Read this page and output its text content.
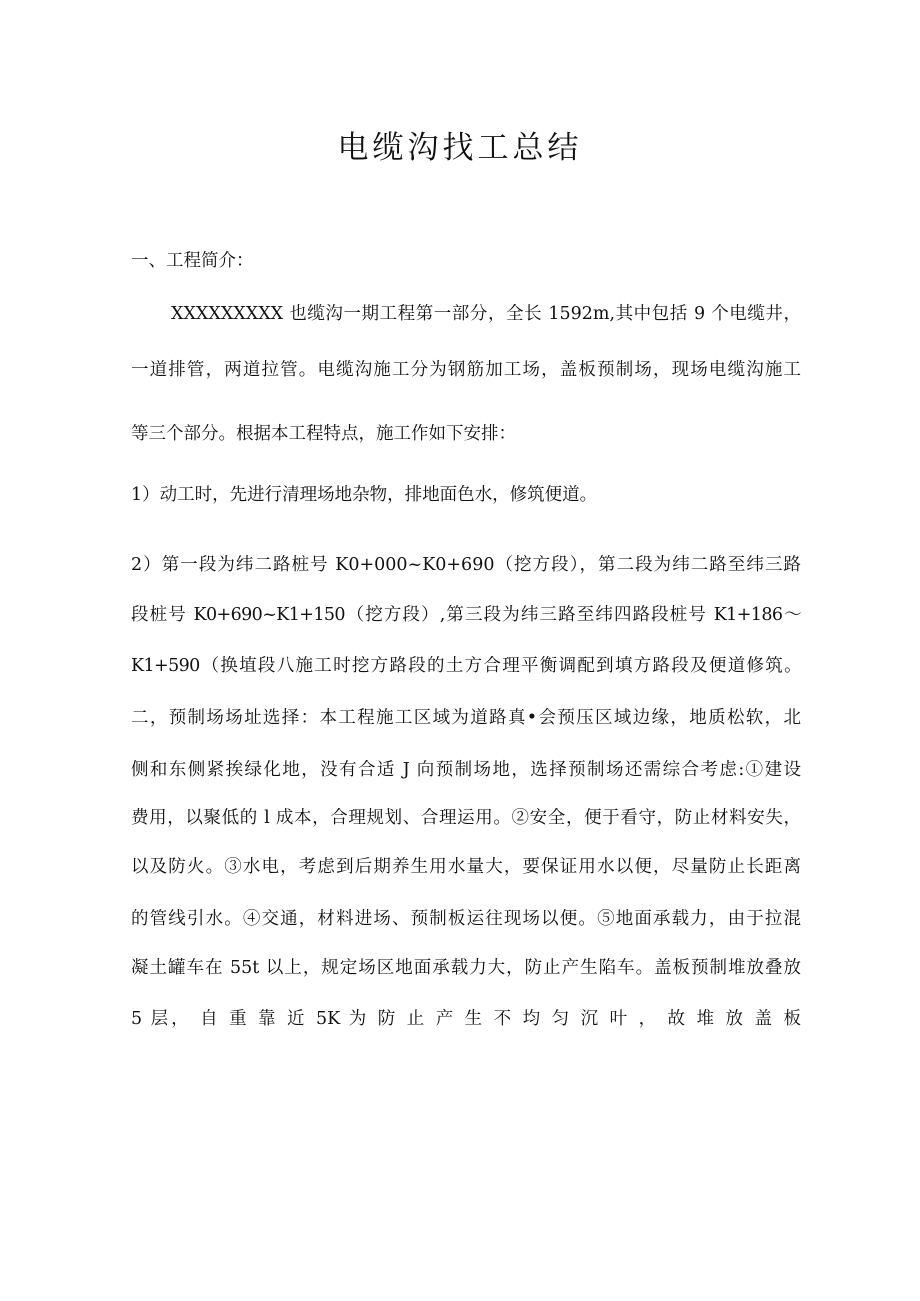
电缆沟找工总结

一、工程简介：

XXXXXXXXX 也缆沟一期工程第一部分，全长 1592m,其中包括 9 个电缆井，

一道排管，两道拉管。电缆沟施工分为钢筋加工场，盖板预制场，现场电缆沟施工

等三个部分。根据本工程特点，施工作如下安排：

1）动工时，先进行清理场地杂物，排地面色水，修筑便道。

2）第一段为纬二路桩号 K0+000~K0+690（挖方段），第二段为纬二路至纬三路

段桩号 K0+690~K1+150（挖方段）,第三段为纬三路至纬四路段桩号 K1+186〜

K1+590（换埴段八施工时挖方路段的土方合理平衡调配到填方路段及便道修筑。

二，预制场场址选择：本工程施工区域为道路真•会预压区域边缘，地质松软，北

侧和东侧紧挨绿化地，没有合适 J 向预制场地，选择预制场还需综合考虑:①建设

费用，以聚低的 l 成本，合理规划、合理运用。②安全，便于看守，防止材料安失，

以及防火。③水电，考虑到后期养生用水量大，要保证用水以便，尽量防止长距离

的管线引水。④交通，材料进场、预制板运往现场以便。⑤地面承载力，由于拉混

凝土罐车在 55t 以上，规定场区地面承载力大，防止产生陷车。盖板预制堆放叠放

5 层， 自 重 靠 近 5K 为 防 止 产 生 不 均 匀 沉 叶 ， 故 堆 放 盖 板
